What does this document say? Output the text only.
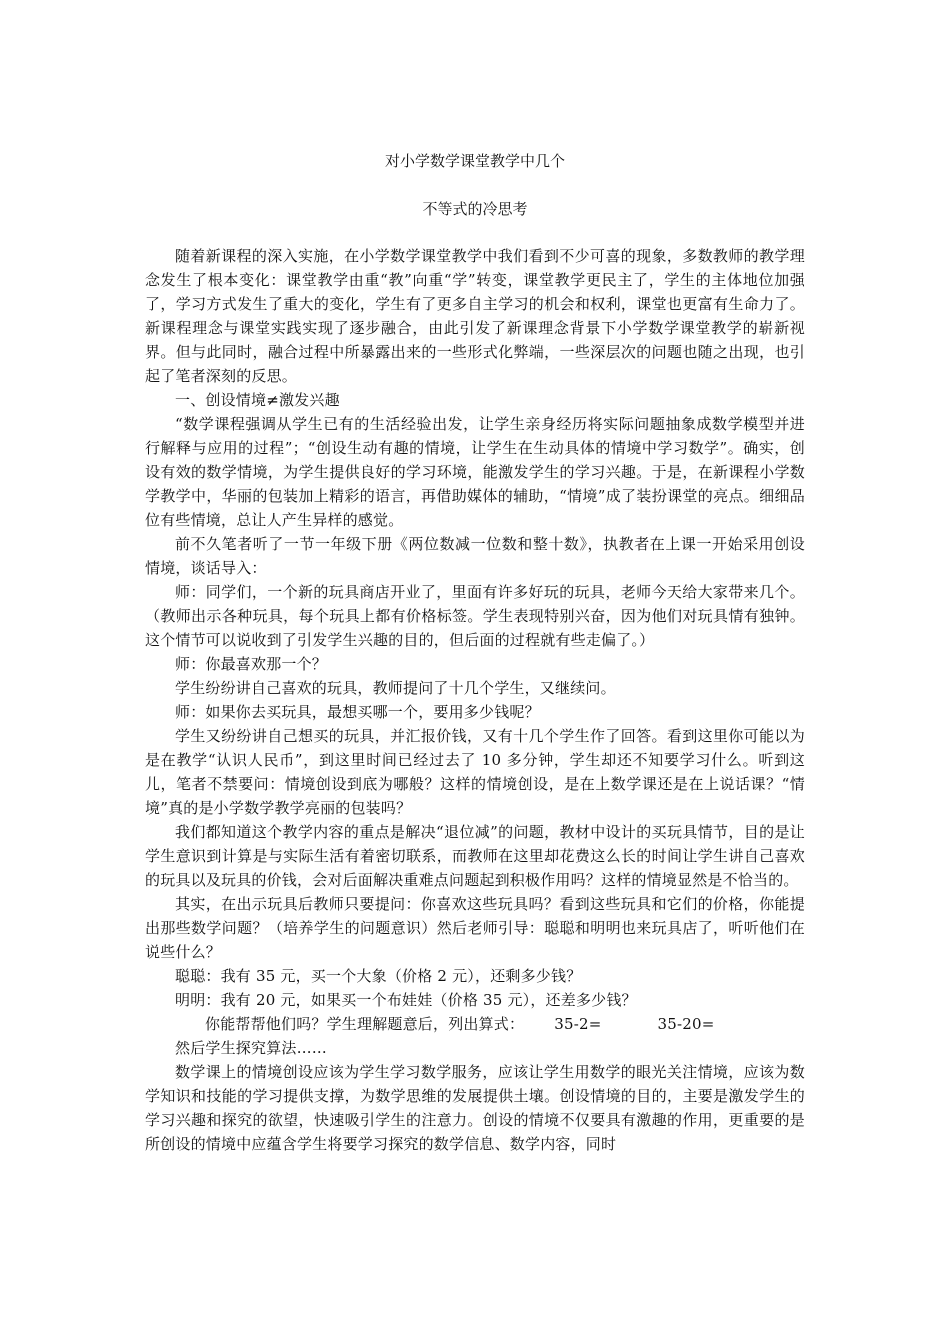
对小学数学课堂教学中几个

不等式的冷思考

随着新课程的深入实施，在小学数学课堂教学中我们看到不少可喜的现象，多数教师的教学理念发生了根本变化：课堂教学由重“教”向重“学”转变，课堂教学更民主了，学生的主体地位加强了，学习方式发生了重大的变化，学生有了更多自主学习的机会和权利，课堂也更富有生命力了。新课程理念与课堂实践实现了逐步融合，由此引发了新课理念背景下小学数学课堂教学的崭新视界。但与此同时，融合过程中所暴露出来的一些形式化弊端，一些深层次的问题也随之出现，也引起了笔者深刻的反思。

一、创设情境≠激发兴趣

“数学课程强调从学生已有的生活经验出发，让学生亲身经历将实际问题抽象成数学模型并进行解释与应用的过程”；“创设生动有趣的情境，让学生在生动具体的情境中学习数学”。确实，创设有效的数学情境，为学生提供良好的学习环境，能激发学生的学习兴趣。于是，在新课程小学数学教学中，华丽的包装加上精彩的语言，再借助媒体的辅助，“情境”成了装扮课堂的亮点。细细品位有些情境，总让人产生异样的感觉。

前不久笔者听了一节一年级下册《两位数减一位数和整十数》，执教者在上课一开始采用创设情境，谈话导入：

师：同学们，一个新的玩具商店开业了，里面有许多好玩的玩具，老师今天给大家带来几个。（教师出示各种玩具，每个玩具上都有价格标签。学生表现特别兴奋，因为他们对玩具情有独钟。这个情节可以说收到了引发学生兴趣的目的，但后面的过程就有些走偏了。）

师：你最喜欢那一个？

学生纷纷讲自己喜欢的玩具，教师提问了十几个学生，又继续问。

师：如果你去买玩具，最想买哪一个，要用多少钱呢？

学生又纷纷讲自己想买的玩具，并汇报价钱，又有十几个学生作了回答。看到这里你可能以为是在教学“认识人民币”，到这里时间已经过去了 10 多分钟，学生却还不知要学习什么。听到这儿，笔者不禁要问：情境创设到底为哪般？这样的情境创设，是在上数学课还是在上说话课？“情境”真的是小学数学教学亮丽的包装吗？

我们都知道这个教学内容的重点是解决“退位减”的问题，教材中设计的买玩具情节，目的是让学生意识到计算是与实际生活有着密切联系，而教师在这里却花费这么长的时间让学生讲自己喜欢的玩具以及玩具的价钱，会对后面解决重难点问题起到积极作用吗？这样的情境显然是不恰当的。

其实，在出示玩具后教师只要提问：你喜欢这些玩具吗？看到这些玩具和它们的价格，你能提出那些数学问题？（培养学生的问题意识）然后老师引导：聪聪和明明也来玩具店了，听听他们在说些什么？

聪聪：我有 35 元，买一个大象（价格 2 元），还剩多少钱？

明明：我有 20 元，如果买一个布娃娃（价格 35 元），还差多少钱？

你能帮帮他们吗？学生理解题意后，列出算式： 35-2=	35-20=

然后学生探究算法……

数学课上的情境创设应该为学生学习数学服务，应该让学生用数学的眼光关注情境，应该为数学知识和技能的学习提供支撑，为数学思维的发展提供土壤。创设情境的目的，主要是激发学生的学习兴趣和探究的欲望，快速吸引学生的注意力。创设的情境不仅要具有激趣的作用，更重要的是所创设的情境中应蕴含学生将要学习探究的数学信息、数学内容，同时
